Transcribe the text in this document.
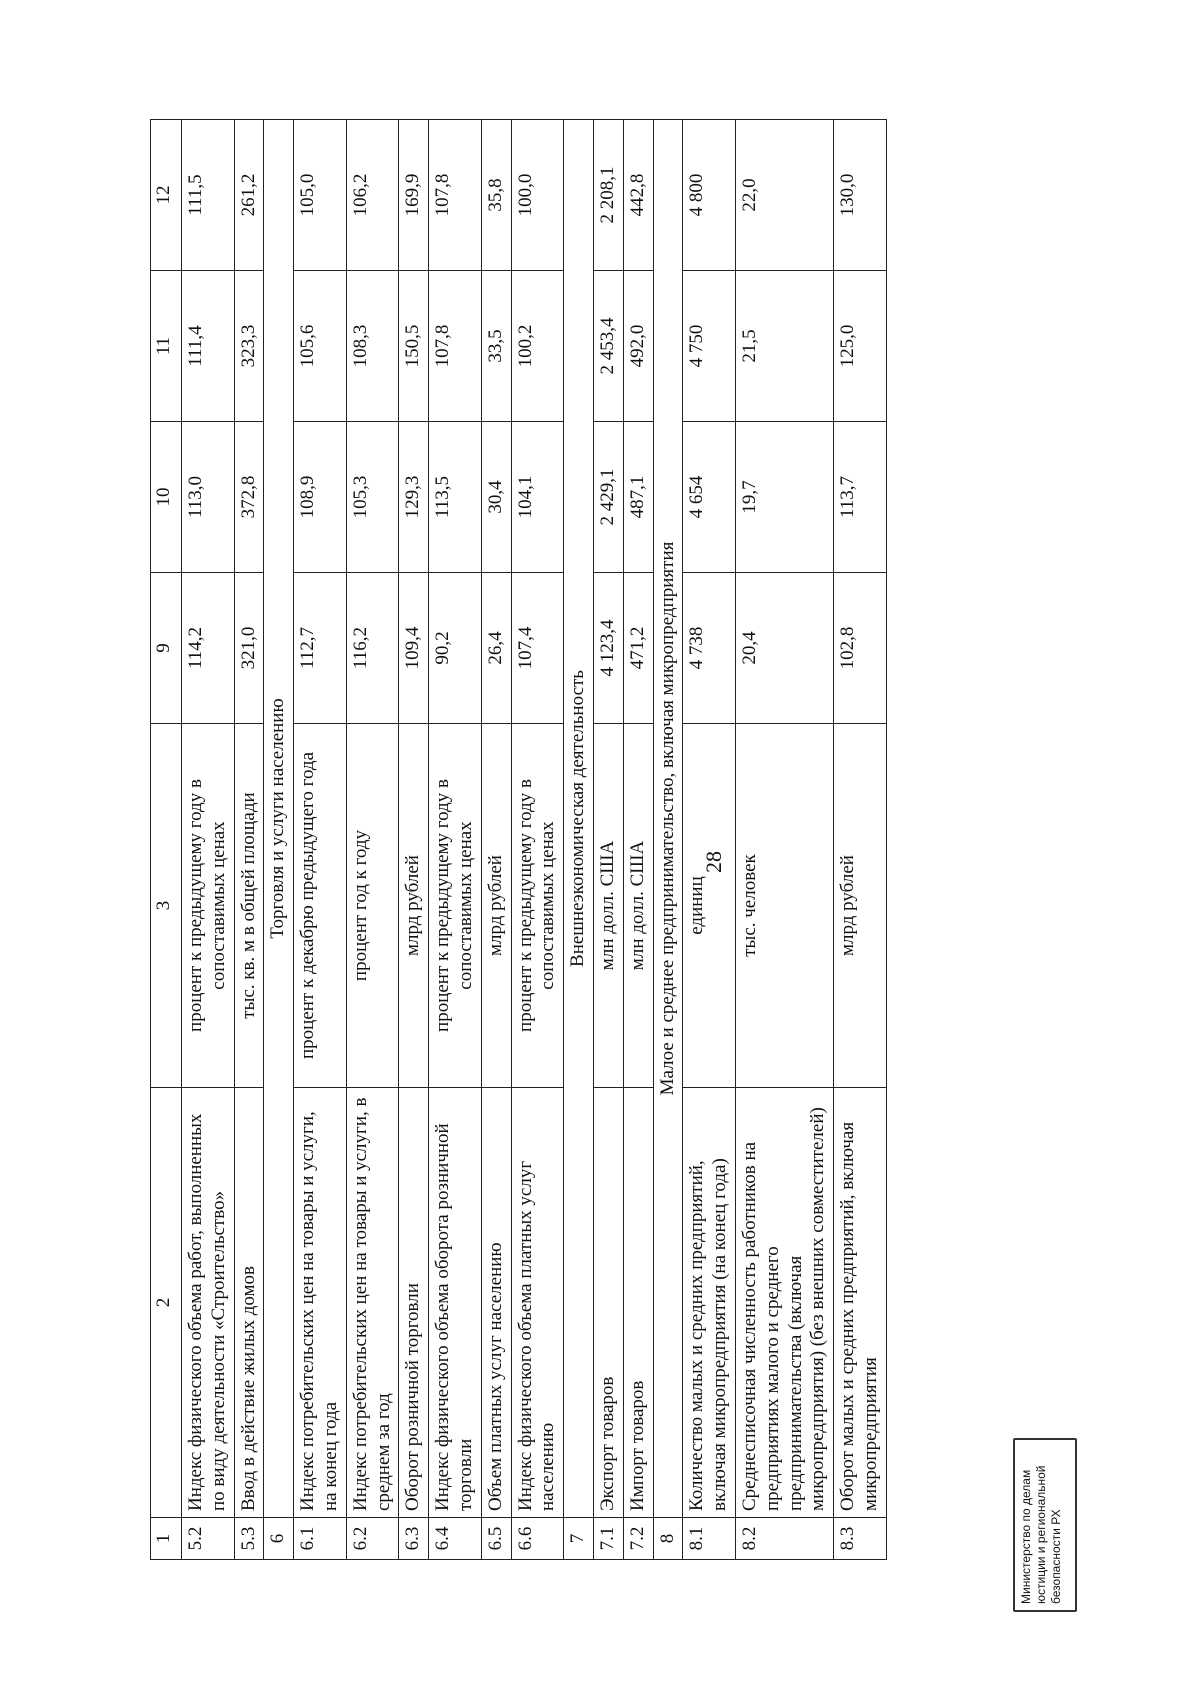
28
1	2	3	9	10	11	12
5.2	Индекс физического объема работ, выполненных по виду деятельности «Строительство»	процент к предыдущему году в сопоставимых ценах	114,2	113,0	111,4	111,5
5.3	Ввод в действие жилых домов	тыс. кв. м в общей площади	321,0	372,8	323,3	261,2
6	Торговля и услуги населению					
6.1	Индекс потребительских цен на товары и услуги, на конец года	процент к декабрю предыдущего года	112,7	108,9	105,6	105,0
6.2	Индекс потребительских цен на товары и услуги, в среднем за год	процент год к году	116,2	105,3	108,3	106,2
6.3	Оборот розничной торговли	млрд рублей	109,4	129,3	150,5	169,9
6.4	Индекс физического объема оборота розничной торговли	процент к предыдущему году в сопоставимых ценах	90,2	113,5	107,8	107,8
6.5	Объем платных услуг населению	млрд рублей	26,4	30,4	33,5	35,8
6.6	Индекс физического объема платных услуг населению	процент к предыдущему году в сопоставимых ценах	107,4	104,1	100,2	100,0
7	Внешнеэкономическая деятельность					
7.1	Экспорт товаров	млн долл. США	4 123,4	2 429,1	2 453,4	2 208,1
7.2	Импорт товаров	млн долл. США	471,2	487,1	492,0	442,8
8	Малое и среднее предпринимательство, включая микропредприятия					
8.1	Количество малых и средних предприятий, включая микропредприятия (на конец года)	единиц	4 738	4 654	4 750	4 800
8.2	Среднесписочная численность работников на предприятиях малого и среднего предпринимательства (включая микропредприятия) (без внешних совместителей)	тыс. человек	20,4	19,7	21,5	22,0
8.3	Оборот малых и средних предприятий, включая микропредприятия	млрд рублей	102,8	113,7	125,0	130,0
Министерство по делам юстиции и региональной безопасности РХ
